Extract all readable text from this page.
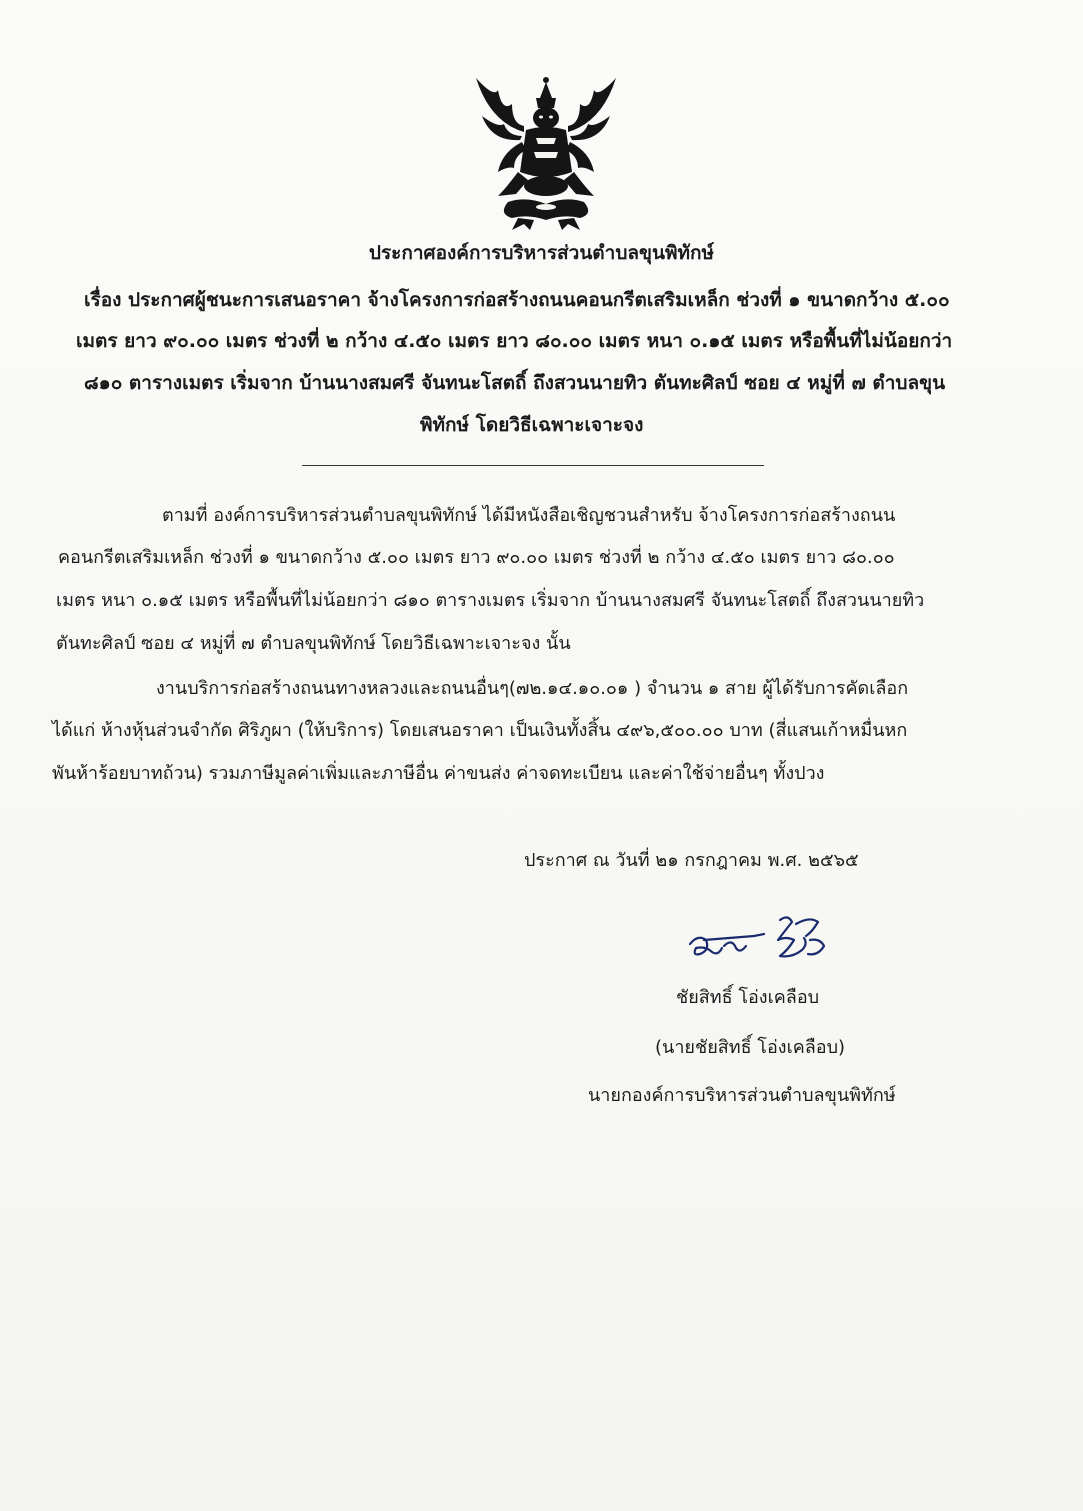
ประกาศองค์การบริหารส่วนตำบลขุนพิทักษ์
เรื่อง ประกาศผู้ชนะการเสนอราคา จ้างโครงการก่อสร้างถนนคอนกรีตเสริมเหล็ก ช่วงที่ ๑ ขนาดกว้าง ๕.๐๐
เมตร ยาว ๙๐.๐๐ เมตร ช่วงที่ ๒ กว้าง ๔.๕๐ เมตร ยาว ๘๐.๐๐ เมตร หนา ๐.๑๕ เมตร หรือพื้นที่ไม่น้อยกว่า
๘๑๐ ตารางเมตร เริ่มจาก บ้านนางสมศรี จันทนะโสตถิ์ ถึงสวนนายทิว ตันทะศิลป์ ซอย ๔ หมู่ที่ ๗ ตำบลขุน
พิทักษ์ โดยวิธีเฉพาะเจาะจง
ตามที่ องค์การบริหารส่วนตำบลขุนพิทักษ์ ได้มีหนังสือเชิญชวนสำหรับ จ้างโครงการก่อสร้างถนน
คอนกรีตเสริมเหล็ก ช่วงที่ ๑ ขนาดกว้าง ๕.๐๐ เมตร ยาว ๙๐.๐๐ เมตร ช่วงที่ ๒ กว้าง ๔.๕๐ เมตร ยาว ๘๐.๐๐
เมตร หนา ๐.๑๕ เมตร หรือพื้นที่ไม่น้อยกว่า ๘๑๐ ตารางเมตร เริ่มจาก บ้านนางสมศรี จันทนะโสตถิ์ ถึงสวนนายทิว
ตันทะศิลป์ ซอย ๔ หมู่ที่ ๗ ตำบลขุนพิทักษ์ โดยวิธีเฉพาะเจาะจง นั้น
งานบริการก่อสร้างถนนทางหลวงและถนนอื่นๆ(๗๒.๑๔.๑๐.๐๑ ) จำนวน ๑ สาย ผู้ได้รับการคัดเลือก
ได้แก่ ห้างหุ้นส่วนจำกัด ศิริภูผา (ให้บริการ) โดยเสนอราคา เป็นเงินทั้งสิ้น ๔๙๖,๕๐๐.๐๐ บาท (สี่แสนเก้าหมื่นหก
พันห้าร้อยบาทถ้วน) รวมภาษีมูลค่าเพิ่มและภาษีอื่น ค่าขนส่ง ค่าจดทะเบียน และค่าใช้จ่ายอื่นๆ ทั้งปวง
ประกาศ ณ วันที่ ๒๑ กรกฎาคม พ.ศ. ๒๕๖๕
ชัยสิทธิ์ โอ่งเคลือบ
(นายชัยสิทธิ์ โอ่งเคลือบ)
นายกองค์การบริหารส่วนตำบลขุนพิทักษ์
